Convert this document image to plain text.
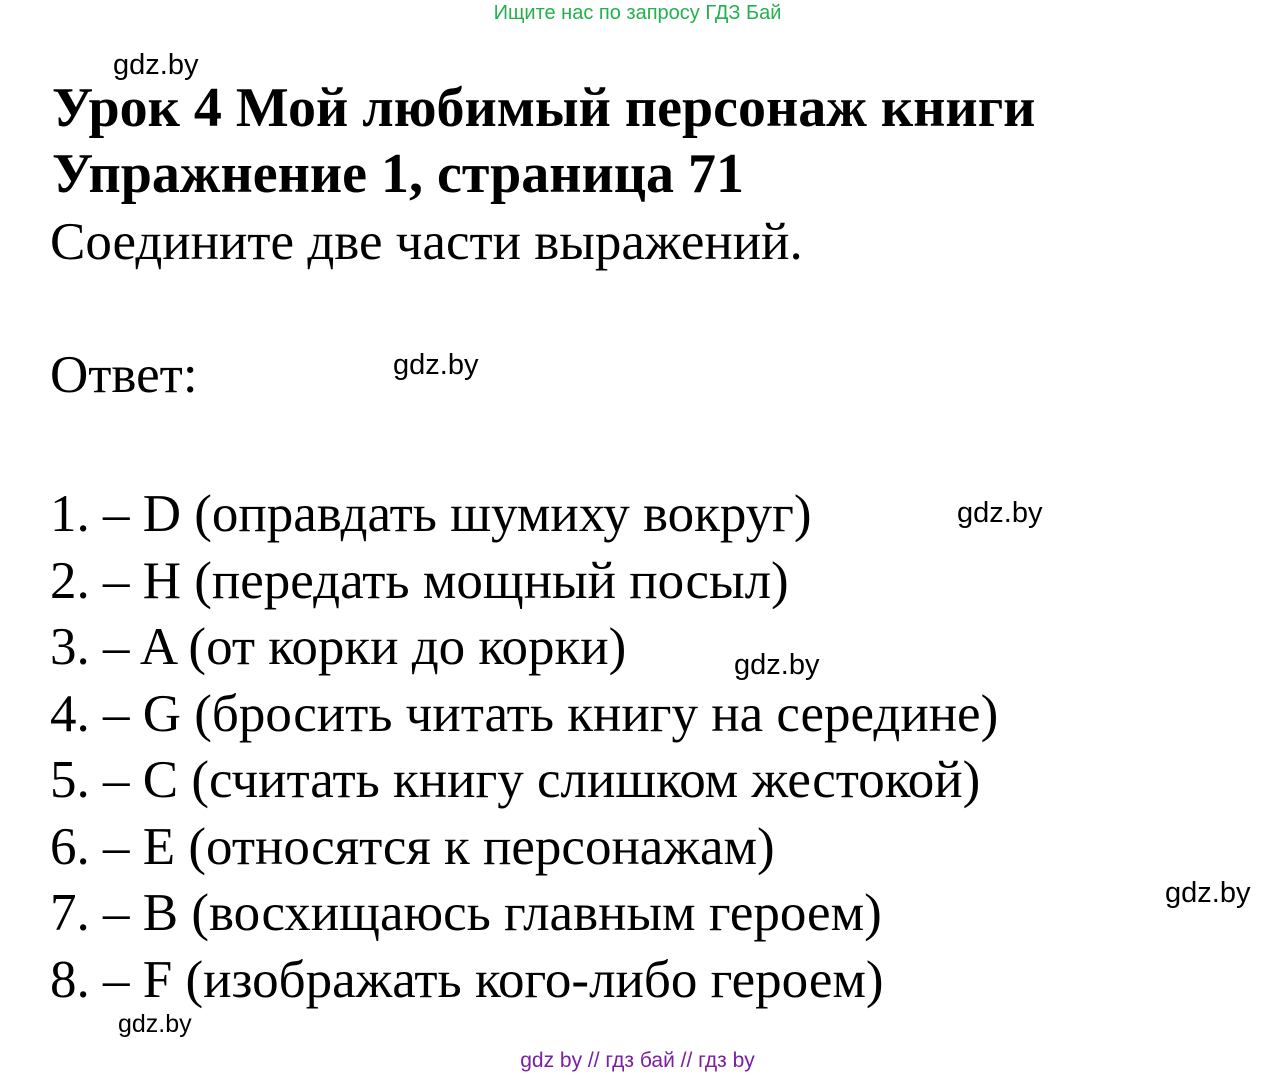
Ищите нас по запросу ГДЗ Бай
gdz.by
Урок 4 Мой любимый персонаж книги
Упражнение 1, страница 71
Соедините две части выражений.
Ответ:	gdz.by
1. – D (оправдать шумиху вокруг)
2. – H (передать мощный посыл)
3. – A (от корки до корки)
4. – G (бросить читать книгу на середине)
5. – C (считать книгу слишком жестокой)
6. – E (относятся к персонажам)
7. – B (восхищаюсь главным героем)
8. – F (изображать кого-либо героем)
gdz.by
gdz.by
gdz.by
gdz.by
gdz by // гдз бай // гдз by
